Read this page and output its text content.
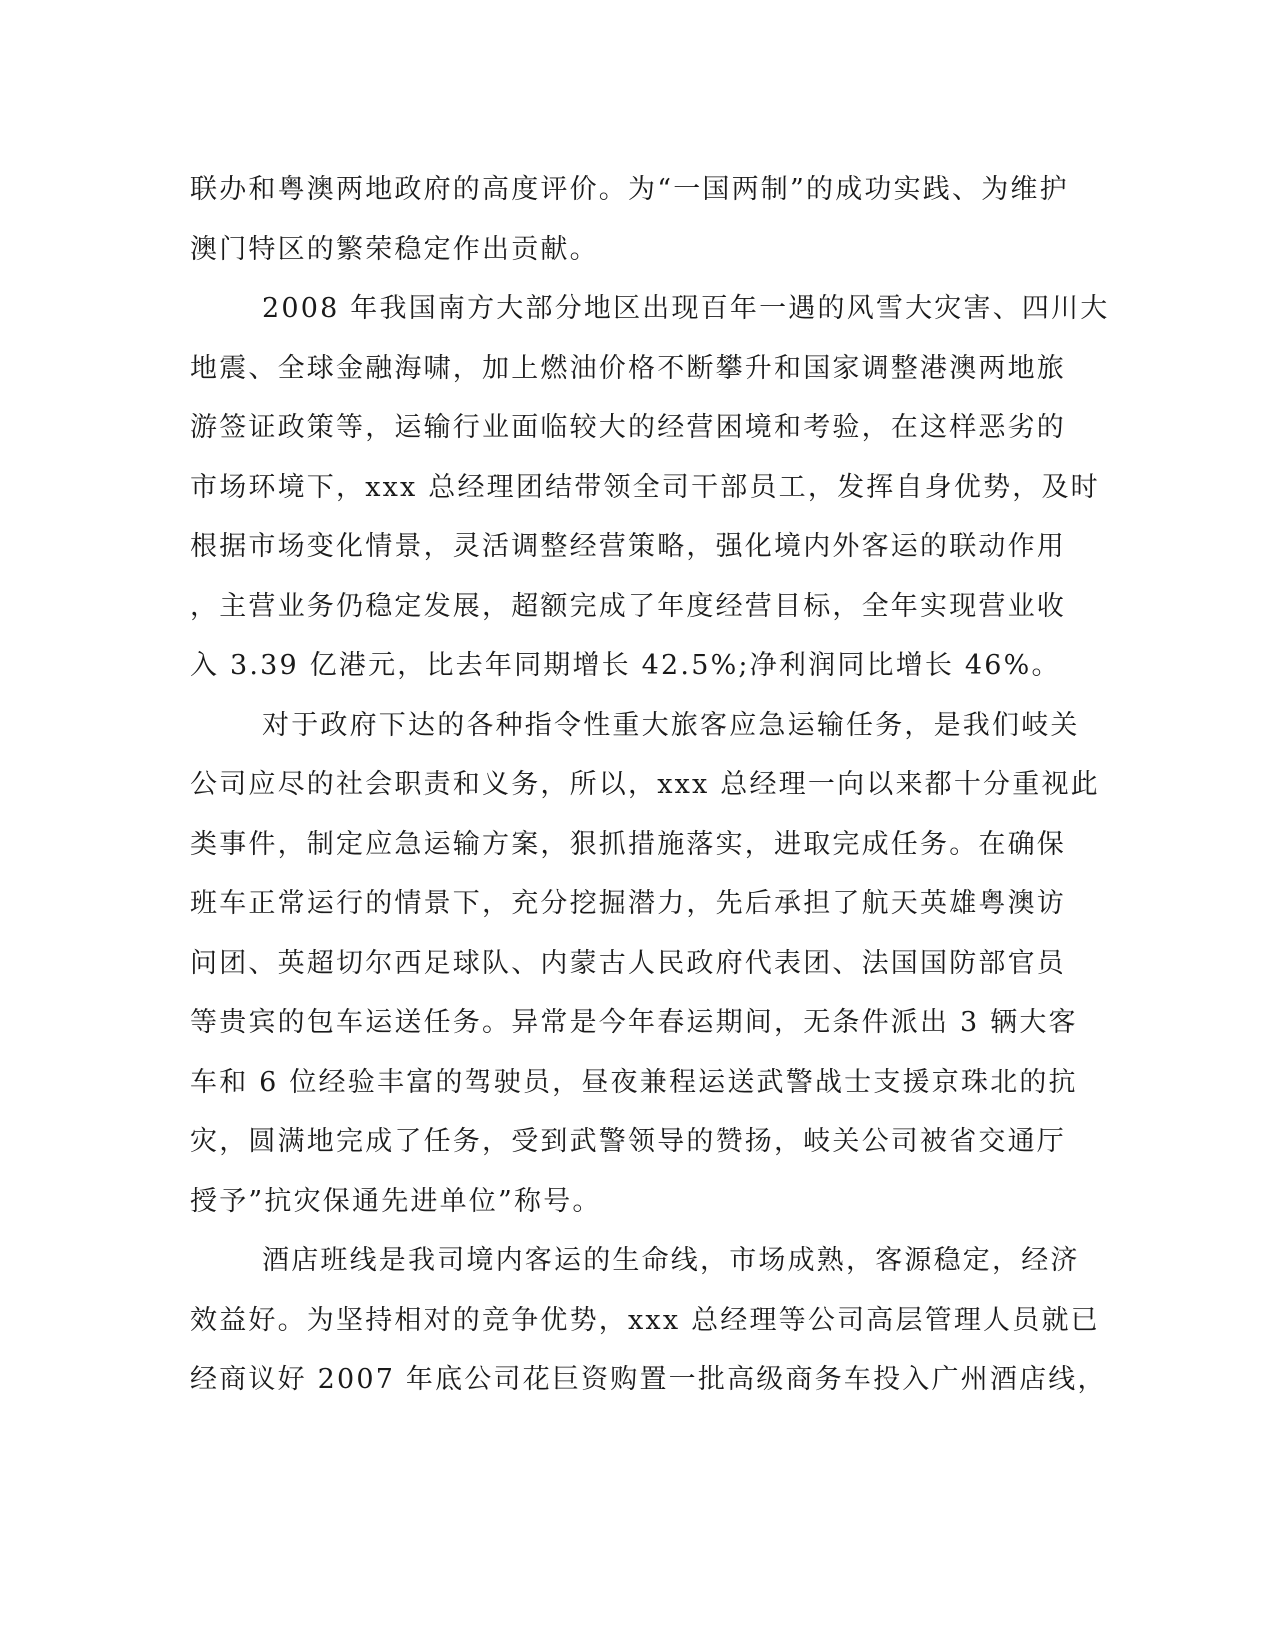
联办和粤澳两地政府的高度评价。为“一国两制”的成功实践、为维护
澳门特区的繁荣稳定作出贡献。
2008 年我国南方大部分地区出现百年一遇的风雪大灾害、四川大
地震、全球金融海啸，加上燃油价格不断攀升和国家调整港澳两地旅
游签证政策等，运输行业面临较大的经营困境和考验，在这样恶劣的
市场环境下，xxx 总经理团结带领全司干部员工，发挥自身优势，及时
根据市场变化情景，灵活调整经营策略，强化境内外客运的联动作用
，主营业务仍稳定发展，超额完成了年度经营目标，全年实现营业收
入 3.39 亿港元，比去年同期增长 42.5%;净利润同比增长 46%。
对于政府下达的各种指令性重大旅客应急运输任务，是我们岐关
公司应尽的社会职责和义务，所以，xxx 总经理一向以来都十分重视此
类事件，制定应急运输方案，狠抓措施落实，进取完成任务。在确保
班车正常运行的情景下，充分挖掘潜力，先后承担了航天英雄粤澳访
问团、英超切尔西足球队、内蒙古人民政府代表团、法国国防部官员
等贵宾的包车运送任务。异常是今年春运期间，无条件派出 3 辆大客
车和 6 位经验丰富的驾驶员，昼夜兼程运送武警战士支援京珠北的抗
灾，圆满地完成了任务，受到武警领导的赞扬，岐关公司被省交通厅
授予”抗灾保通先进单位”称号。
酒店班线是我司境内客运的生命线，市场成熟，客源稳定，经济
效益好。为坚持相对的竞争优势，xxx 总经理等公司高层管理人员就已
经商议好 2007 年底公司花巨资购置一批高级商务车投入广州酒店线，
